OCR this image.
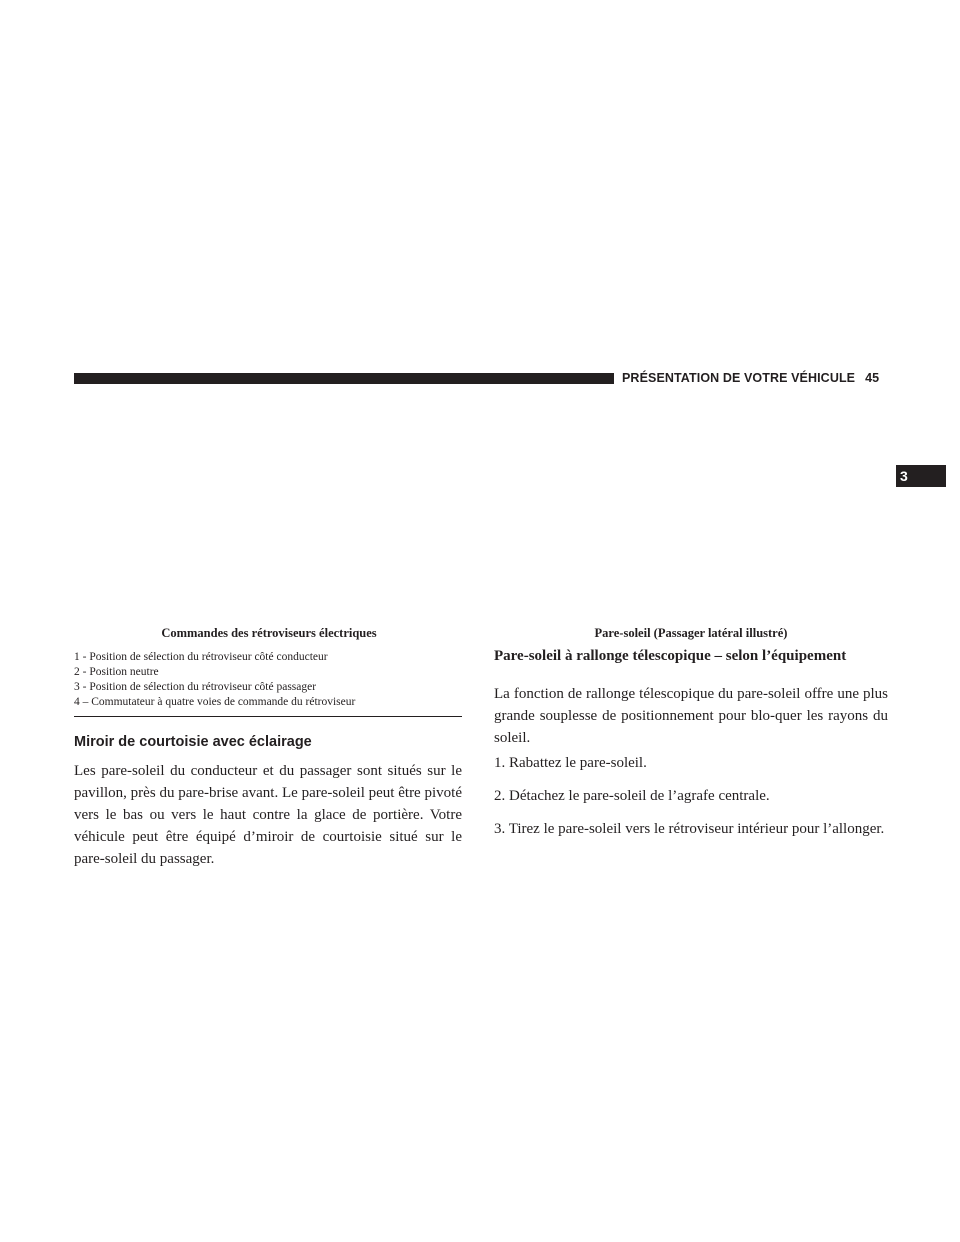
PRÉSENTATION DE VOTRE VÉHICULE 45
3
Commandes des rétroviseurs électriques	Pare-soleil (Passager latéral illustré)
1 - Position de sélection du rétroviseur côté conducteur
2 - Position neutre
3 - Position de sélection du rétroviseur côté passager
4 – Commutateur à quatre voies de commande du rétroviseur
Miroir de courtoisie avec éclairage

Les pare-soleil du conducteur et du passager sont situés sur le pavillon, près du pare-brise avant. Le pare-soleil peut être pivoté vers le bas ou vers le haut contre la glace de portière. Votre véhicule peut être équipé d’miroir de courtoisie situé sur le pare-soleil du passager.

Pare-soleil à rallonge télescopique – selon l’équipement

La fonction de rallonge télescopique du pare-soleil offre une plus grande souplesse de positionnement pour blo-quer les rayons du soleil.

1. Rabattez le pare-soleil.
2. Détachez le pare-soleil de l’agrafe centrale.
3. Tirez le pare-soleil vers le rétroviseur intérieur pour l’allonger.
